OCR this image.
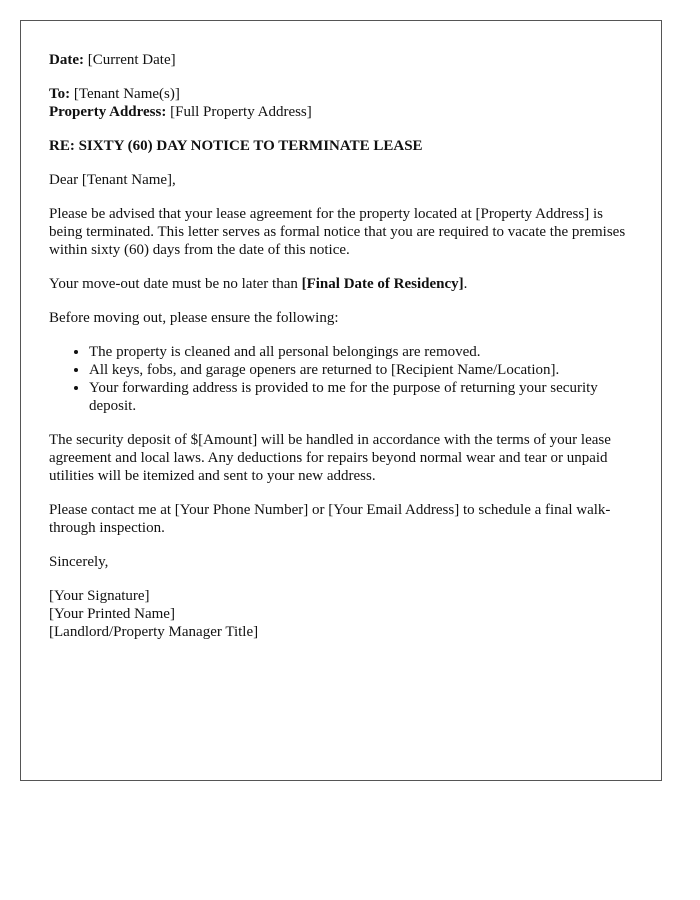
Date: [Current Date]

To: [Tenant Name(s)]

Property Address: [Full Property Address]

RE: SIXTY (60) DAY NOTICE TO TERMINATE LEASE

Dear [Tenant Name],

Please be advised that your lease agreement for the property located at [Property Address] is being terminated. This letter serves as formal notice that you are required to vacate the premises within sixty (60) days from the date of this notice.

Your move-out date must be no later than [Final Date of Residency].

Before moving out, please ensure the following:

• The property is cleaned and all personal belongings are removed.
• All keys, fobs, and garage openers are returned to [Recipient Name/Location].
• Your forwarding address is provided to me for the purpose of returning your security deposit.

The security deposit of $[Amount] will be handled in accordance with the terms of your lease agreement and local laws. Any deductions for repairs beyond normal wear and tear or unpaid utilities will be itemized and sent to your new address.

Please contact me at [Your Phone Number] or [Your Email Address] to schedule a final walk-through inspection.

Sincerely,

[Your Signature]

[Your Printed Name]

[Landlord/Property Manager Title]
